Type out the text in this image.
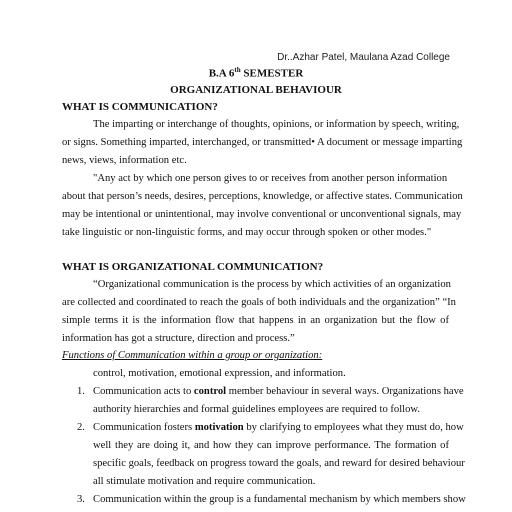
Dr..Azhar Patel, Maulana Azad College
B.A 6th SEMESTER
ORGANIZATIONAL BEHAVIOUR
WHAT IS COMMUNICATION?
The imparting or interchange of thoughts, opinions, or information by speech, writing,
or signs. Something imparted, interchanged, or transmitted• A document or message imparting
news, views, information etc.
"Any act by which one person gives to or receives from another person information
about that person’s needs, desires, perceptions, knowledge, or affective states. Communication
may be intentional or unintentional, may involve conventional or unconventional signals, may
take linguistic or non-linguistic forms, and may occur through spoken or other modes."
WHAT IS ORGANIZATIONAL COMMUNICATION?
“Organizational communication is the process by which activities of an organization
are collected and coordinated to reach the goals of both individuals and the organization” “In
simple terms it is the information flow that happens in an organization but the flow of
information has got a structure, direction and process.”
Functions of Communication within a group or organization:
control, motivation, emotional expression, and information.
1. Communication acts to control member behaviour in several ways. Organizations have
authority hierarchies and formal guidelines employees are required to follow.
2. Communication fosters motivation by clarifying to employees what they must do, how
well they are doing it, and how they can improve performance. The formation of
specific goals, feedback on progress toward the goals, and reward for desired behaviour
all stimulate motivation and require communication.
3. Communication within the group is a fundamental mechanism by which members show
